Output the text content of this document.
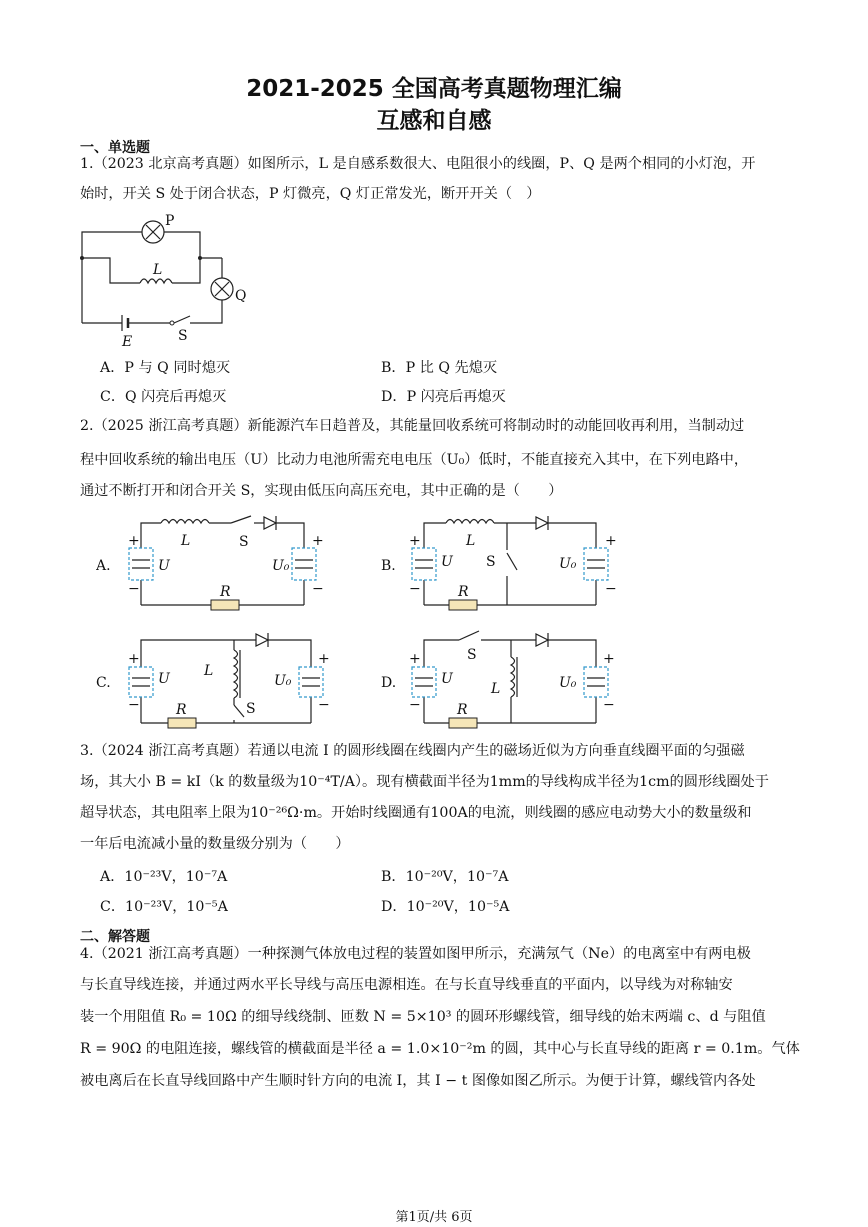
2021-2025 全国高考真题物理汇编
互感和自感
一、单选题
1.（2023 北京高考真题）如图所示，L 是自感系数很大、电阻很小的线圈，P、Q 是两个相同的小灯泡，开
始时，开关 S 处于闭合状态，P 灯微亮，Q 灯正常发光，断开开关（　）
P
L
Q
E	S
A．P 与 Q 同时熄灭	B．P 比 Q 先熄灭
C．Q 闪亮后再熄灭	D．P 闪亮后再熄灭
2.（2025 浙江高考真题）新能源汽车日趋普及，其能量回收系统可将制动时的动能回收再利用，当制动过
程中回收系统的输出电压（U）比动力电池所需充电电压（U₀）低时，不能直接充入其中，在下列电路中，
通过不断打开和闭合开关 S，实现由低压向高压充电，其中正确的是（　　）
A.
+
−
U
L	S
U₀
+
−
R
B.
+
−
U
L
S	U₀
+
−
R
C.
+
−
U L
S
U₀
+
−
R
D.
+
−
U
S
L	U₀
+
−
R
3.（2024 浙江高考真题）若通以电流 I 的圆形线圈在线圈内产生的磁场近似为方向垂直线圈平面的匀强磁
场，其大小 B = kI（k 的数量级为10⁻⁴T/A）。现有横截面半径为1mm的导线构成半径为1cm的圆形线圈处于
超导状态，其电阻率上限为10⁻²⁶Ω·m。开始时线圈通有100A的电流，则线圈的感应电动势大小的数量级和
一年后电流减小量的数量级分别为（　　）
A．10⁻²³V，10⁻⁷A	B．10⁻²⁰V，10⁻⁷A
C．10⁻²³V，10⁻⁵A	D．10⁻²⁰V，10⁻⁵A
二、解答题
4.（2021 浙江高考真题）一种探测气体放电过程的装置如图甲所示，充满氖气（Ne）的电离室中有两电极
与长直导线连接，并通过两水平长导线与高压电源相连。在与长直导线垂直的平面内，以导线为对称轴安
装一个用阻值 R₀ = 10Ω 的细导线绕制、匝数 N = 5×10³ 的圆环形螺线管，细导线的始末两端 c、d 与阻值
R = 90Ω 的电阻连接，螺线管的横截面是半径 a = 1.0×10⁻²m 的圆，其中心与长直导线的距离 r = 0.1m。气体
被电离后在长直导线回路中产生顺时针方向的电流 I，其 I − t 图像如图乙所示。为便于计算，螺线管内各处
第1页/共 6页
